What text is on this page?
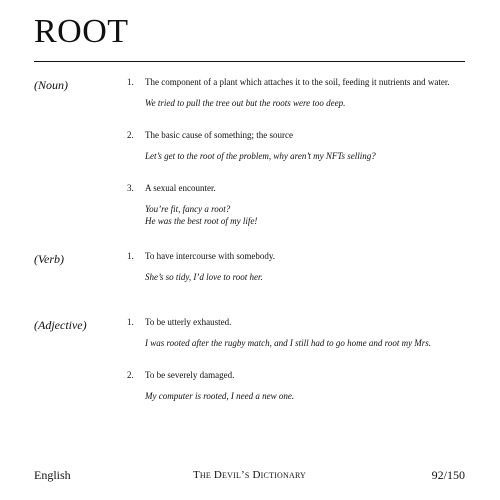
ROOT
(Noun)	1.	The component of a plant which attaches it to the soil, feeding it nutrients and water.
We tried to pull the tree out but the roots were too deep.
2.	The basic cause of something; the source
Let’s get to the root of the problem, why aren’t my NFTs selling?
3.	A sexual encounter.
You’re fit, fancy a root?
He was the best root of my life!
(Verb)	1.	To have intercourse with somebody.
She’s so tidy, I’d love to root her.
(Adjective)	1.	To be utterly exhausted.
I was rooted after the rugby match, and I still had to go home and root my Mrs.
2.	To be severely damaged.
My computer is rooted, I need a new one.
English	The Devil’s Dictionary	92/150
